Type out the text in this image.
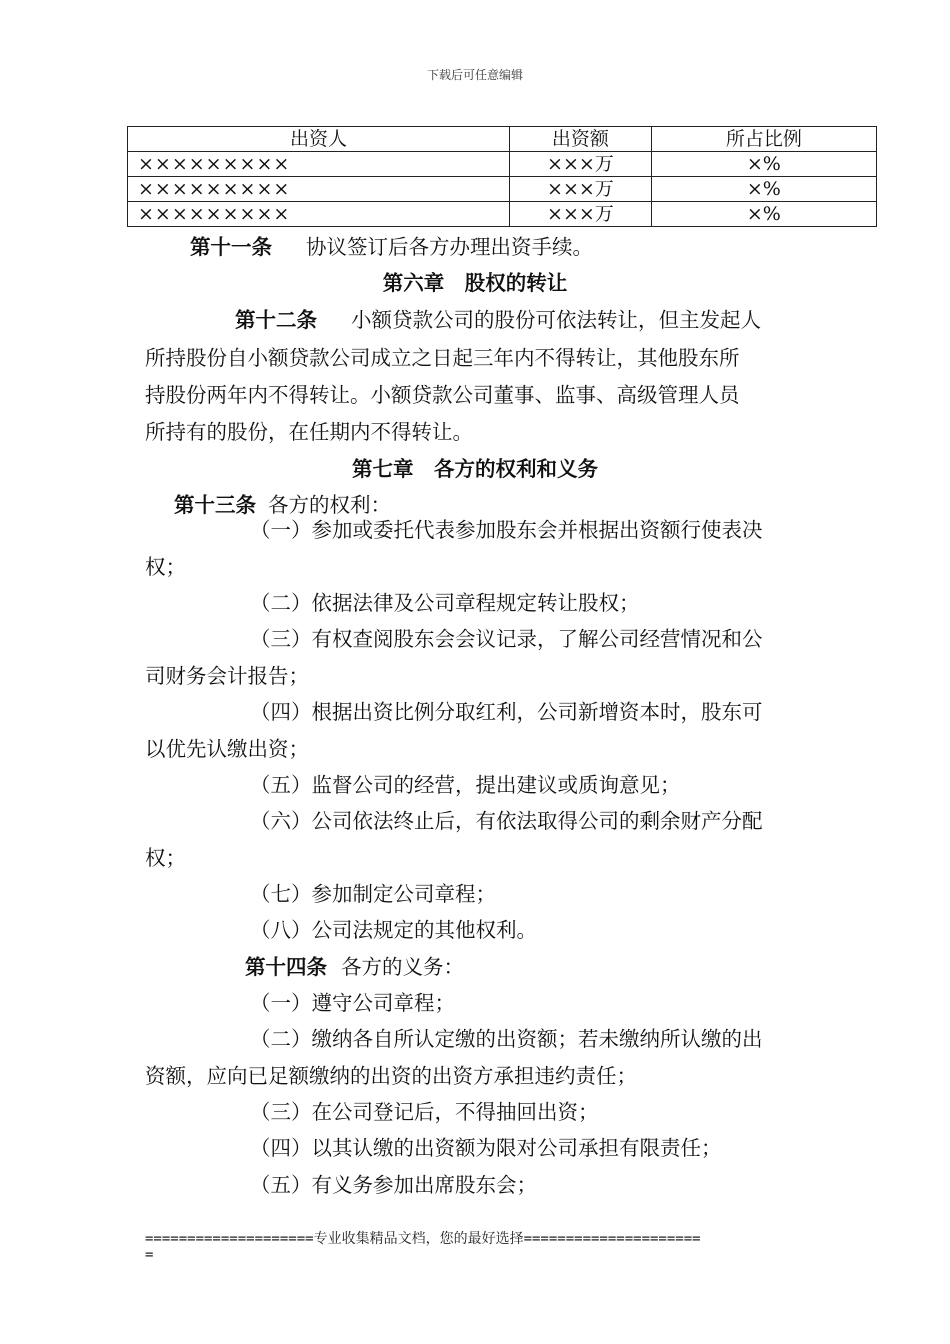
下载后可任意编辑
出资人	出资额	所占比例
×××××××××	×××万	×%
×××××××××	×××万	×%
×××××××××	×××万	×%
第十一条 协议签订后各方办理出资手续。
第六章　股权的转让
第十二条 小额贷款公司的股份可依法转让，但主发起人
所持股份自小额贷款公司成立之日起三年内不得转让，其他股东所
持股份两年内不得转让。小额贷款公司董事、监事、高级管理人员
所持有的股份，在任期内不得转让。
第七章　各方的权利和义务
第十三条 各方的权利：
（一）参加或委托代表参加股东会并根据出资额行使表决
权；
（二）依据法律及公司章程规定转让股权；
（三）有权查阅股东会会议记录，了解公司经营情况和公
司财务会计报告；
（四）根据出资比例分取红利，公司新增资本时，股东可
以优先认缴出资；
（五）监督公司的经营，提出建议或质询意见；
（六）公司依法终止后，有依法取得公司的剩余财产分配
权；
（七）参加制定公司章程；
（八）公司法规定的其他权利。
第十四条 各方的义务：
（一）遵守公司章程；
（二）缴纳各自所认定缴的出资额；若未缴纳所认缴的出
资额，应向已足额缴纳的出资的出资方承担违约责任；
（三）在公司登记后，不得抽回出资；
（四）以其认缴的出资额为限对公司承担有限责任；
（五）有义务参加出席股东会；
====================专业收集精品文档，您的最好选择=====================
=
